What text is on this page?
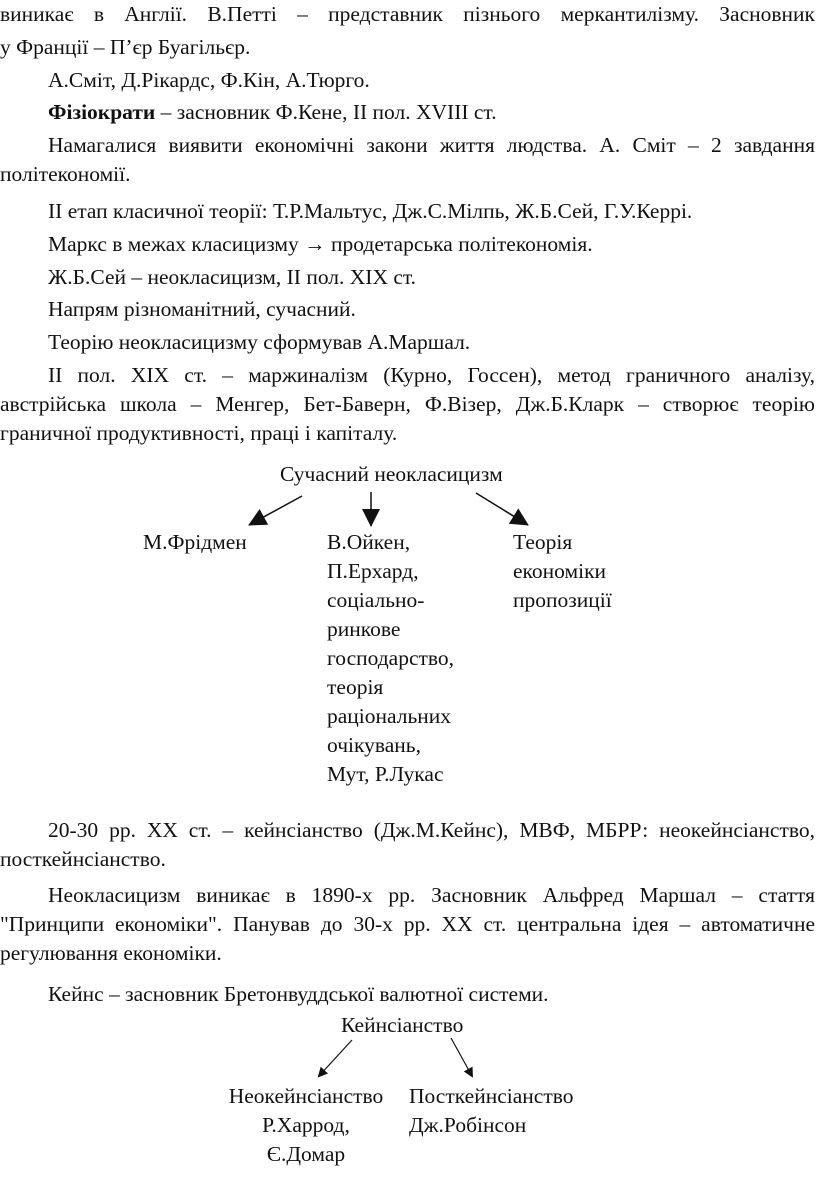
виникає в Англії. В.Петті – представник пізнього меркантилізму. Засновник

у Франції – П’єр Буагільєр.

А.Сміт, Д.Рікардс, Ф.Кін, А.Тюрго.

Фізіократи – засновник Ф.Кене, ІІ пол. XVIII ст.

Намагалися виявити економічні закони життя людства. А. Сміт – 2 завдання політекономії.

ІІ етап класичної теорії: Т.Р.Мальтус, Дж.С.Мілпь, Ж.Б.Сей, Г.У.Керрі.

Маркс в межах класицизму → продетарська політекономія.

Ж.Б.Сей – неокласицизм, ІІ пол. XIX ст.

Напрям різноманітний, сучасний.

Теорію неокласицизму сформував А.Маршал.

ІІ пол. XIX ст. – маржиналізм (Курно, Госсен), метод граничного аналізу, австрійська школа – Менгер, Бет-Баверн, Ф.Візер, Дж.Б.Кларк – створює теорію граничної продуктивності, праці і капіталу.

Сучасний неокласицизм
М.Фрідмен	В.Ойкен,
П.Ерхард,
соціально-
ринкове
господарство,
теорія
раціональних
очікувань,
Мут, Р.Лукас
Теорія
економіки
пропозиції

20-30 рр. ХХ ст. – кейнсіанство (Дж.М.Кейнс), МВФ, МБРР: неокейнсіанство, посткейнсіанство.

Неокласицизм виникає в 1890-х рр. Засновник Альфред Маршал – стаття "Принципи економіки". Панував до 30-х рр. ХХ ст. центральна ідея – автоматичне регулювання економіки.

Кейнс – засновник Бретонвуддської валютної системи.

Кейнсіанство
Неокейнсіанство
Р.Харрод,
Є.Домар
Посткейнсіанство
Дж.Робінсон
